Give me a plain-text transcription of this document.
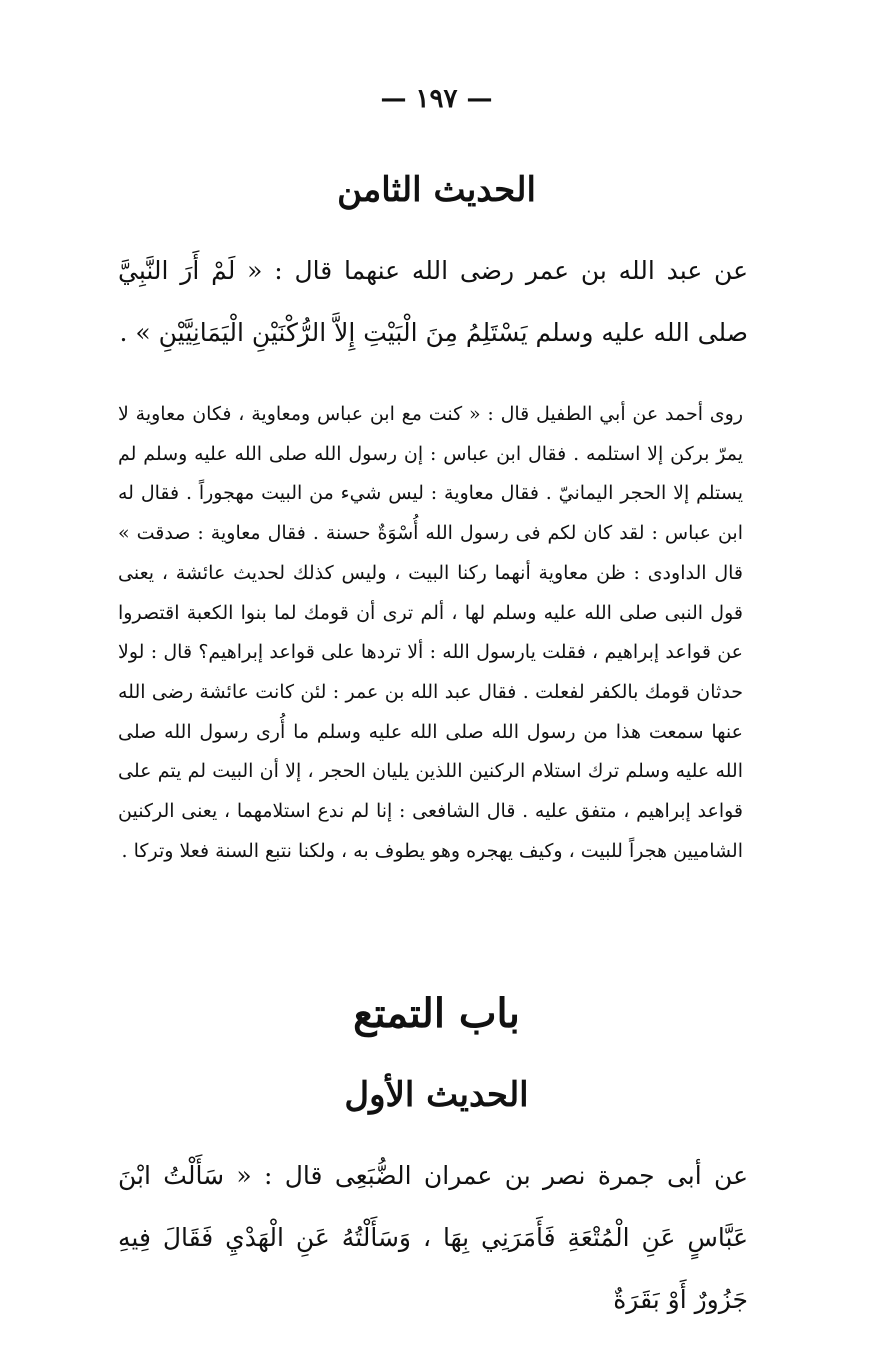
— ١٩٧ —
الحديث الثامن
عن عبد الله بن عمر رضى الله عنهما قال : « لَمْ أَرَ النَّبِيَّ صلى الله عليه وسلم يَسْتَلِمُ مِنَ الْبَيْتِ إِلاَّ الرُّكْنَيْنِ الْيَمَانِيَّيْنِ » .
روى أحمد عن أبي الطفيل قال : « كنت مع ابن عباس ومعاوية ، فكان معاوية لا يمرّ بركن إلا استلمه . فقال ابن عباس : إن رسول الله صلى الله عليه وسلم لم يستلم إلا الحجر اليمانيّ . فقال معاوية : ليس شيء من البيت مهجوراً . فقال له ابن عباس : لقد كان لكم فى رسول الله أُسْوَةٌ حسنة . فقال معاوية : صدقت » قال الداودى : ظن معاوية أنهما ركنا البيت ، وليس كذلك لحديث عائشة ، يعنى قول النبى صلى الله عليه وسلم لها ، ألم ترى أن قومك لما بنوا الكعبة اقتصروا عن قواعد إبراهيم ، فقلت يارسول الله : ألا تردها على قواعد إبراهيم؟ قال : لولا حدثان قومك بالكفر لفعلت . فقال عبد الله بن عمر : لئن كانت عائشة رضى الله عنها سمعت هذا من رسول الله صلى الله عليه وسلم ما أُرى رسول الله صلى الله عليه وسلم ترك استلام الركنين اللذين يليان الحجر ، إلا أن البيت لم يتم على قواعد إبراهيم ، متفق عليه . قال الشافعى : إنا لم ندع استلامهما ، يعنى الركنين الشاميين هجراً للبيت ، وكيف يهجره وهو يطوف به ، ولكنا نتبع السنة فعلا وتركا .
باب التمتع
الحديث الأول
عن أبى جمرة نصر بن عمران الضُّبَعِى قال : « سَأَلْتُ ابْنَ عَبَّاسٍ عَنِ الْمُتْعَةِ فَأَمَرَنِي بِهَا ، وَسَأَلْتُهُ عَنِ الْهَدْيِ فَقَالَ فِيهِ جَزُورٌ أَوْ بَقَرَةٌ
